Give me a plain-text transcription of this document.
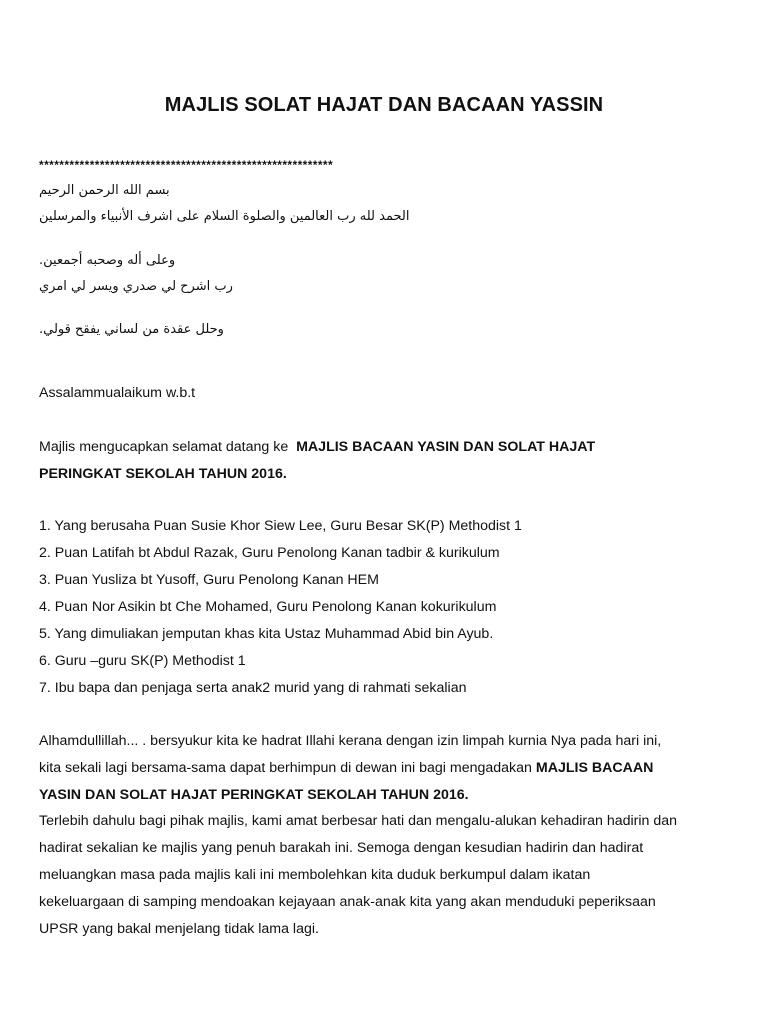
MAJLIS SOLAT HAJAT DAN BACAAN YASSIN
**********************************************************
بسم الله الرحمن الرحيم
الحمد لله رب العالمين والصلوة السلام على اشرف الأنبياء والمرسلين
وعلى أله وصحبه أجمعين.
رب اشرح لي صدري ويسر لي امري
وحلل عقدة من لساني يفقح قولي.
Assalammualaikum w.b.t
Majlis mengucapkan selamat datang ke MAJLIS BACAAN YASIN DAN SOLAT HAJAT
PERINGKAT SEKOLAH TAHUN 2016.
1. Yang berusaha Puan Susie Khor Siew Lee, Guru Besar SK(P) Methodist 1
2. Puan Latifah bt Abdul Razak, Guru Penolong Kanan tadbir & kurikulum
3. Puan Yusliza bt Yusoff, Guru Penolong Kanan HEM
4. Puan Nor Asikin bt Che Mohamed, Guru Penolong Kanan kokurikulum
5. Yang dimuliakan jemputan khas kita Ustaz Muhammad Abid bin Ayub.
6. Guru –guru SK(P) Methodist 1
7. Ibu bapa dan penjaga serta anak2 murid yang di rahmati sekalian
Alhamdullillah... . bersyukur kita ke hadrat Illahi kerana dengan izin limpah kurnia Nya pada hari ini,
kita sekali lagi bersama-sama dapat berhimpun di dewan ini bagi mengadakan MAJLIS BACAAN
YASIN DAN SOLAT HAJAT PERINGKAT SEKOLAH TAHUN 2016.
Terlebih dahulu bagi pihak majlis, kami amat berbesar hati dan mengalu-alukan kehadiran hadirin dan
hadirat sekalian ke majlis yang penuh barakah ini. Semoga dengan kesudian hadirin dan hadirat
meluangkan masa pada majlis kali ini membolehkan kita duduk berkumpul dalam ikatan
kekeluargaan di samping mendoakan kejayaan anak-anak kita yang akan menduduki peperiksaan
UPSR yang bakal menjelang tidak lama lagi.
